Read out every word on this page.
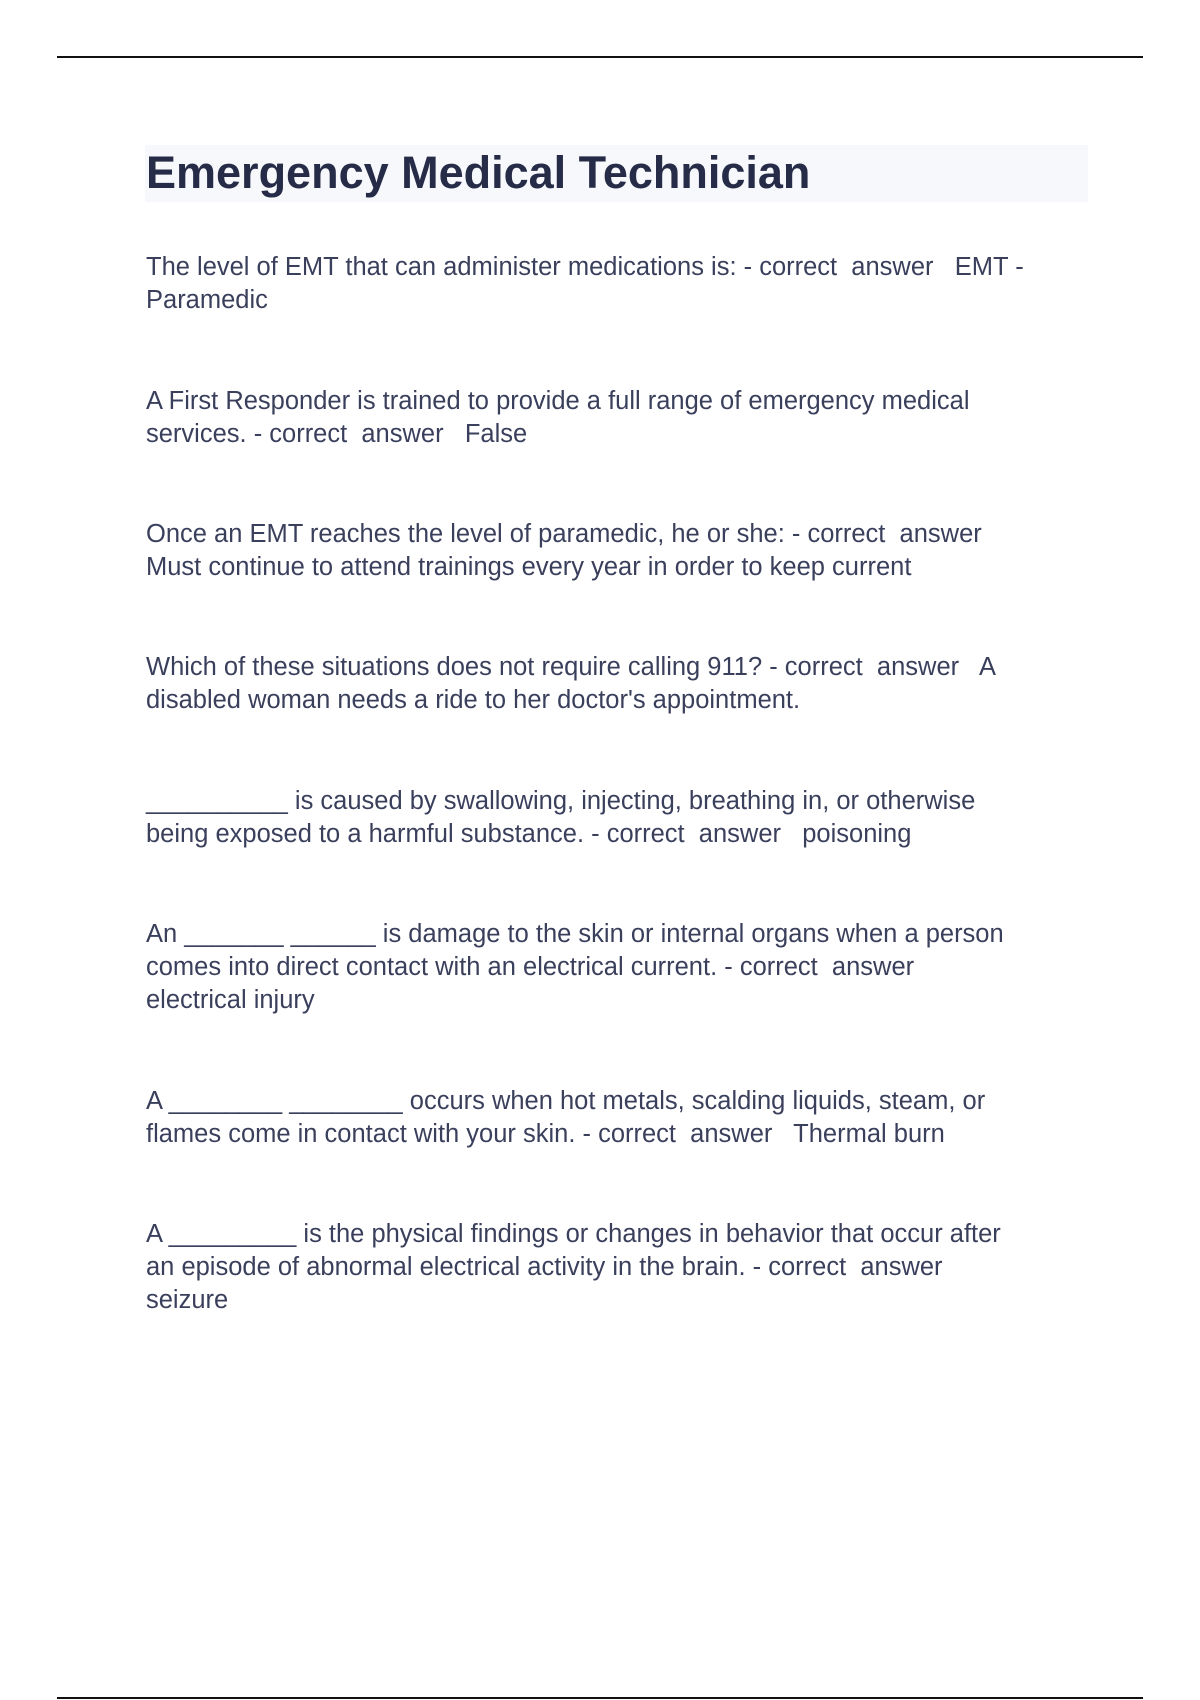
Emergency Medical Technician

The level of EMT that can administer medications is: - correct  answer   EMT -
Paramedic

A First Responder is trained to provide a full range of emergency medical
services. - correct  answer   False

Once an EMT reaches the level of paramedic, he or she: - correct  answer
Must continue to attend trainings every year in order to keep current

Which of these situations does not require calling 911? - correct  answer   A
disabled woman needs a ride to her doctor's appointment.

__________ is caused by swallowing, injecting, breathing in, or otherwise
being exposed to a harmful substance. - correct  answer   poisoning

An _______ ______ is damage to the skin or internal organs when a person
comes into direct contact with an electrical current. - correct  answer
electrical injury

A ________ ________ occurs when hot metals, scalding liquids, steam, or
flames come in contact with your skin. - correct  answer   Thermal burn

A _________ is the physical findings or changes in behavior that occur after
an episode of abnormal electrical activity in the brain. - correct  answer
seizure
